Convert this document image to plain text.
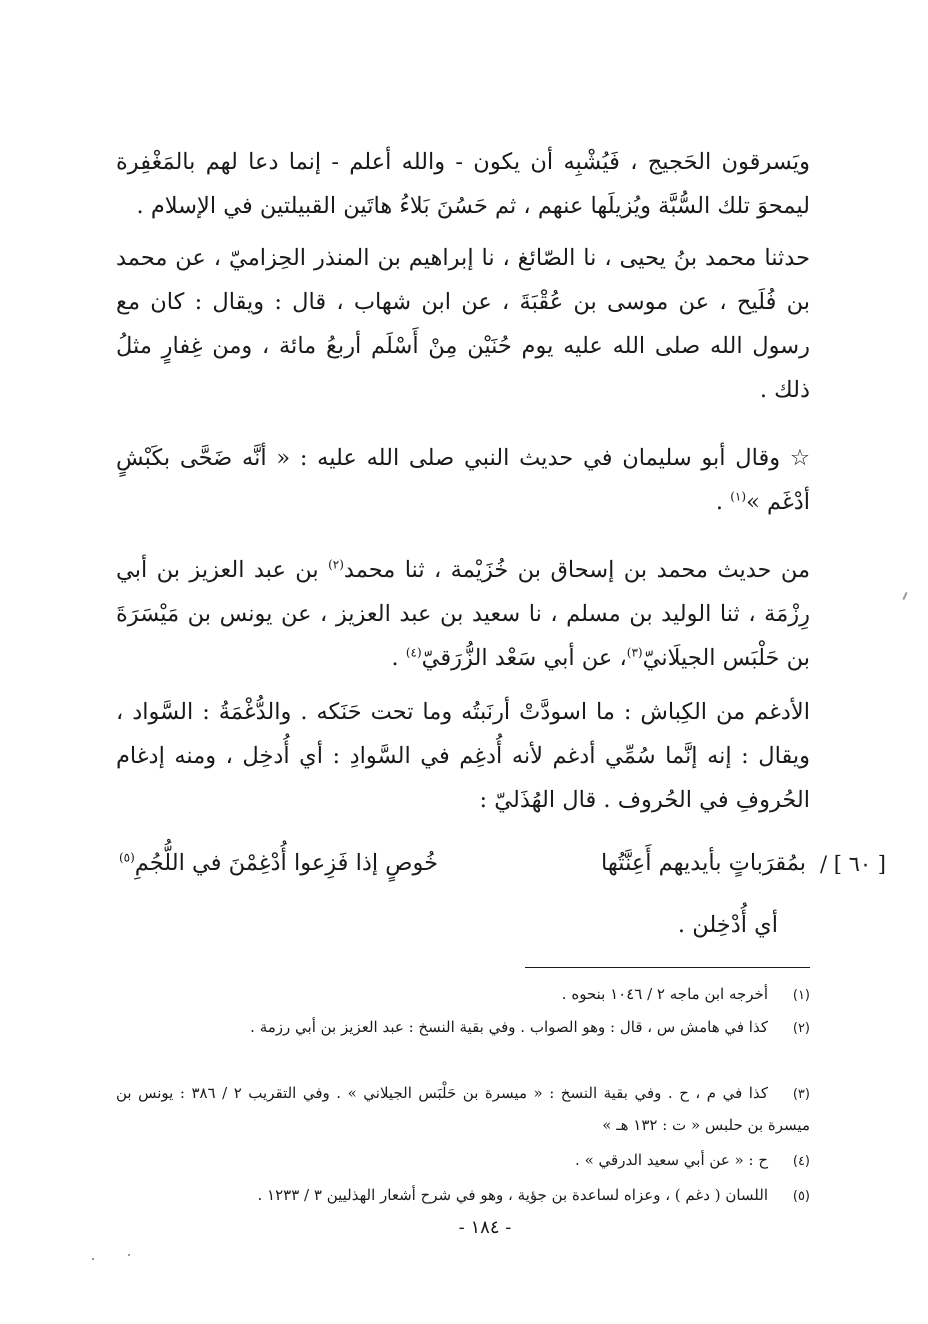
ويَسرقون الحَجيج ، فَيُشْبِه أن يكون - والله أعلم - إنما دعا لهم بالمَغْفِرة ليمحوَ تلك السُّبَّة ويُزيلَها عنهم ، ثم حَسُنَ بَلاءُ هاتَين القبيلتين في الإسلام .
حدثنا محمد بنُ يحيى ، نا الصّائغ ، نا إبراهيم بن المنذر الحِزاميّ ، عن محمد بن فُلَيح ، عن موسى بن عُقْبَةَ ، عن ابن شهاب ، قال : ويقال : كان مع رسول الله صلى الله عليه يوم حُنَيْن مِنْ أَسْلَم أربعُ مائة ، ومن غِفارٍ مثلُ ذلك .
☆ وقال أبو سليمان في حديث النبي صلى الله عليه : « أنَّه ضَحَّى بكَبْشٍ أدْغَم »$^{(١)}$ .
من حديث محمد بن إسحاق بن خُزَيْمة ، ثنا محمد$^{(٢)}$ بن عبد العزيز بن أبي رِزْمَة ، ثنا الوليد بن مسلم ، نا سعيد بن عبد العزيز ، عن يونس بن مَيْسَرَةَ بن حَلْبَس الجيلَانيّ$^{(٣)}$، عن أبي سَعْد الزُّرَقيّ$^{(٤)}$ .
الأدغم من الكِباش : ما اسودَّتْ أرنَبتُه وما تحت حَنَكه . والدُّغْمَةُ : السَّواد ، ويقال : إنه إنَّما سُمِّي أدغم لأنه أُدغِم في السَّوادِ : أي أُدخِل ، ومنه إدغام الحُروفِ في الحُروف . قال الهُذَليّ :
[ ٦٠ ] /
بمُقرَباتٍ بأيديهم أَعِنَّتُها
خُوصٍ إذا فَزِعوا أُدْغِمْنَ في اللُّجُمِ$^{(٥)}$
أي أُدْخِلن .
(١)أخرجه ابن ماجه ٢ / ١٠٤٦ بنحوه .
(٢)كذا في هامش س ، قال : وهو الصواب . وفي بقية النسخ : عبد العزيز بن أبي رزمة .
(٣)كذا في م ، ح . وفي بقية النسخ : « ميسرة بن حَلْبَس الجيلاني » . وفي التقريب ٢ / ٣٨٦ : يونس بن ميسرة بن حلبس « ت : ١٣٢ هـ »
(٤)ح : « عن أبي سعيد الدرقي » .
(٥)اللسان ( دغم ) ، وعزاه لساعدة بن جؤية ، وهو في شرح أشعار الهذليين ٣ / ١٢٣٣ .
- ١٨٤ -
